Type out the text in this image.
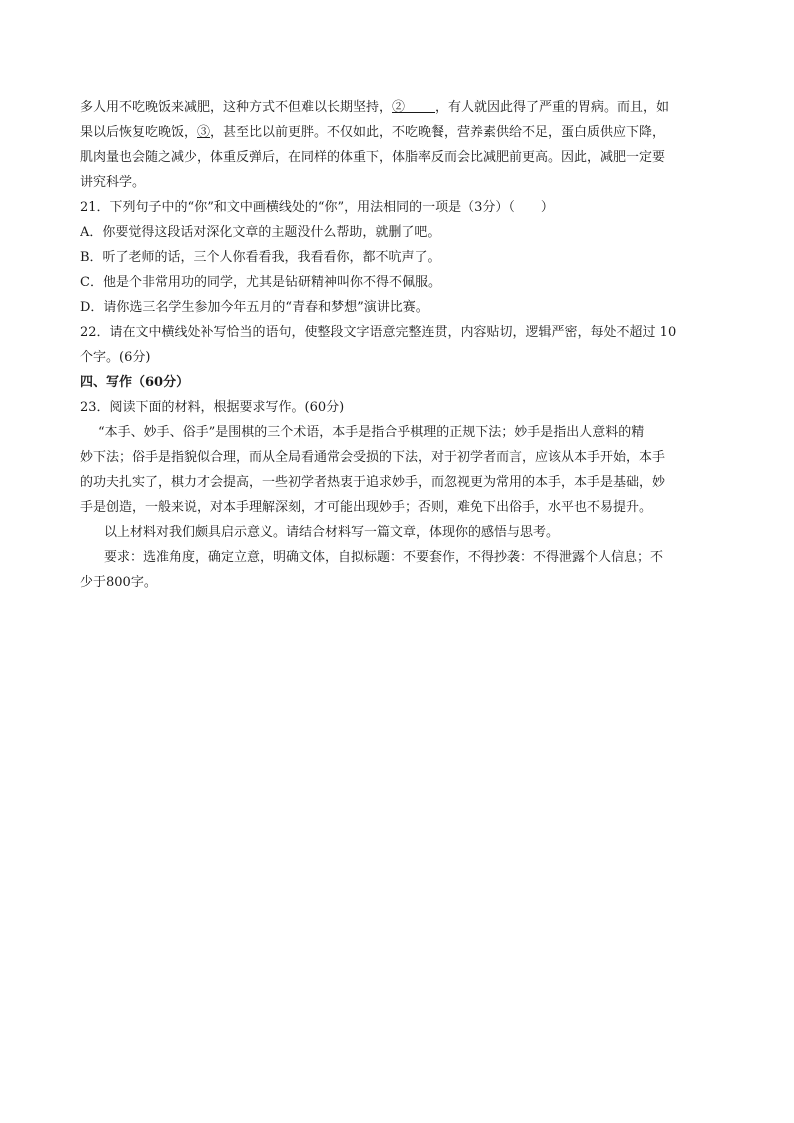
多人用不吃晚饭来减肥，这种方式不但难以长期坚持，② ，有人就因此得了严重的胃病。而且，如
果以后恢复吃晚饭，③，甚至比以前更胖。不仅如此，不吃晚餐，营养素供给不足，蛋白质供应下降，
肌肉量也会随之减少，体重反弹后，在同样的体重下，体脂率反而会比减肥前更高。因此，减肥一定要
讲究科学。
21．下列句子中的“你”和文中画横线处的“你”，用法相同的一项是（3分）（　　）
A．你要觉得这段话对深化文章的主题没什么帮助，就删了吧。
B．听了老师的话，三个人你看看我，我看看你，都不吭声了。
C．他是个非常用功的同学，尤其是钻研精神叫你不得不佩服。
D．请你选三名学生参加今年五月的“青春和梦想”演讲比赛。
22．请在文中横线处补写恰当的语句，使整段文字语意完整连贯，内容贴切，逻辑严密，每处不超过 10
个字。(6分)
四、写作（60分）
23．阅读下面的材料，根据要求写作。(60分)
“本手、妙手、俗手”是围棋的三个术语，本手是指合乎棋理的正规下法；妙手是指出人意料的精
妙下法；俗手是指貌似合理，而从全局看通常会受损的下法，对于初学者而言，应该从本手开始，本手
的功夫扎实了，棋力才会提高，一些初学者热衷于追求妙手，而忽视更为常用的本手，本手是基础，妙
手是创造，一般来说，对本手理解深刻，才可能出现妙手；否则，难免下出俗手，水平也不易提升。
以上材料对我们颇具启示意义。请结合材料写一篇文章，体现你的感悟与思考。
要求：选准角度，确定立意，明确文体，自拟标题：不要套作，不得抄袭：不得泄露个人信息；不
少于800字。
